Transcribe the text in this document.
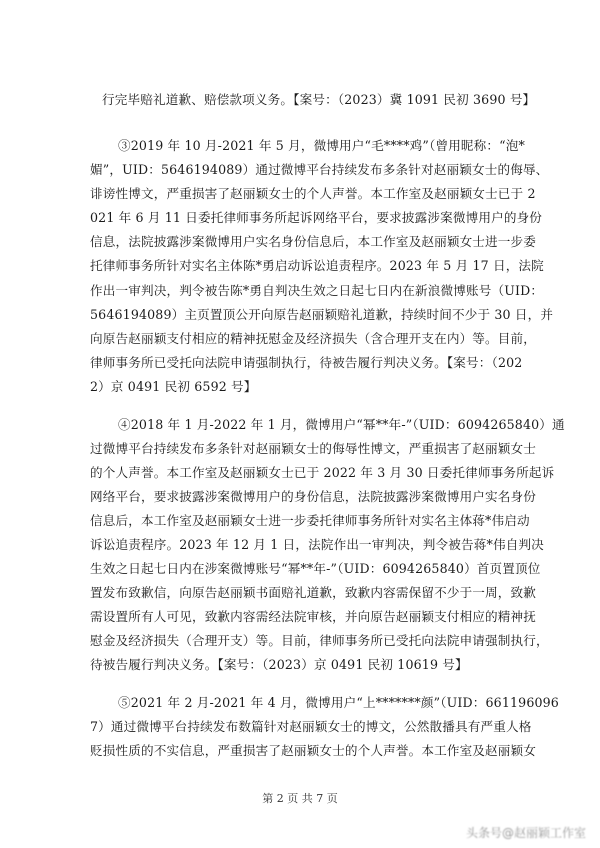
行完毕赔礼道歉、赔偿款项义务。【案号：（2023）冀 1091 民初 3690 号】
③2019 年 10 月-2021 年 5 月，微博用户“毛****鸡”（曾用昵称：“泡*
媚”，UID：5646194089）通过微博平台持续发布多条针对赵丽颖女士的侮辱、
诽谤性博文，严重损害了赵丽颖女士的个人声誉。本工作室及赵丽颖女士已于 2
021 年 6 月 11 日委托律师事务所起诉网络平台，要求披露涉案微博用户的身份
信息，法院披露涉案微博用户实名身份信息后，本工作室及赵丽颖女士进一步委
托律师事务所针对实名主体陈*勇启动诉讼追责程序。2023 年 5 月 17 日，法院
作出一审判决，判令被告陈*勇自判决生效之日起七日内在新浪微博账号（UID：
5646194089）主页置顶公开向原告赵丽颖赔礼道歉，持续时间不少于 30 日，并
向原告赵丽颖支付相应的精神抚慰金及经济损失（含合理开支在内）等。目前，
律师事务所已受托向法院申请强制执行，待被告履行判决义务。【案号：（202
2）京 0491 民初 6592 号】
④2018 年 1 月-2022 年 1 月，微博用户“幂**年-”（UID：6094265840）通
过微博平台持续发布多条针对赵丽颖女士的侮辱性博文，严重损害了赵丽颖女士
的个人声誉。本工作室及赵丽颖女士已于 2022 年 3 月 30 日委托律师事务所起诉
网络平台，要求披露涉案微博用户的身份信息，法院披露涉案微博用户实名身份
信息后，本工作室及赵丽颖女士进一步委托律师事务所针对实名主体蒋*伟启动
诉讼追责程序。2023 年 12 月 1 日，法院作出一审判决，判令被告蒋*伟自判决
生效之日起七日内在涉案微博账号“幂**年-”（UID：6094265840）首页置顶位
置发布致歉信，向原告赵丽颖书面赔礼道歉，致歉内容需保留不少于一周，致歉
需设置所有人可见，致歉内容需经法院审核，并向原告赵丽颖支付相应的精神抚
慰金及经济损失（合理开支）等。目前，律师事务所已受托向法院申请强制执行，
待被告履行判决义务。【案号：（2023）京 0491 民初 10619 号】
⑤2021 年 2 月-2021 年 4 月，微博用户“上*******颜”（UID：661196096
7）通过微博平台持续发布数篇针对赵丽颖女士的博文，公然散播具有严重人格
贬损性质的不实信息，严重损害了赵丽颖女士的个人声誉。本工作室及赵丽颖女
第 2 页 共 7 页
头条号@赵丽颖工作室
